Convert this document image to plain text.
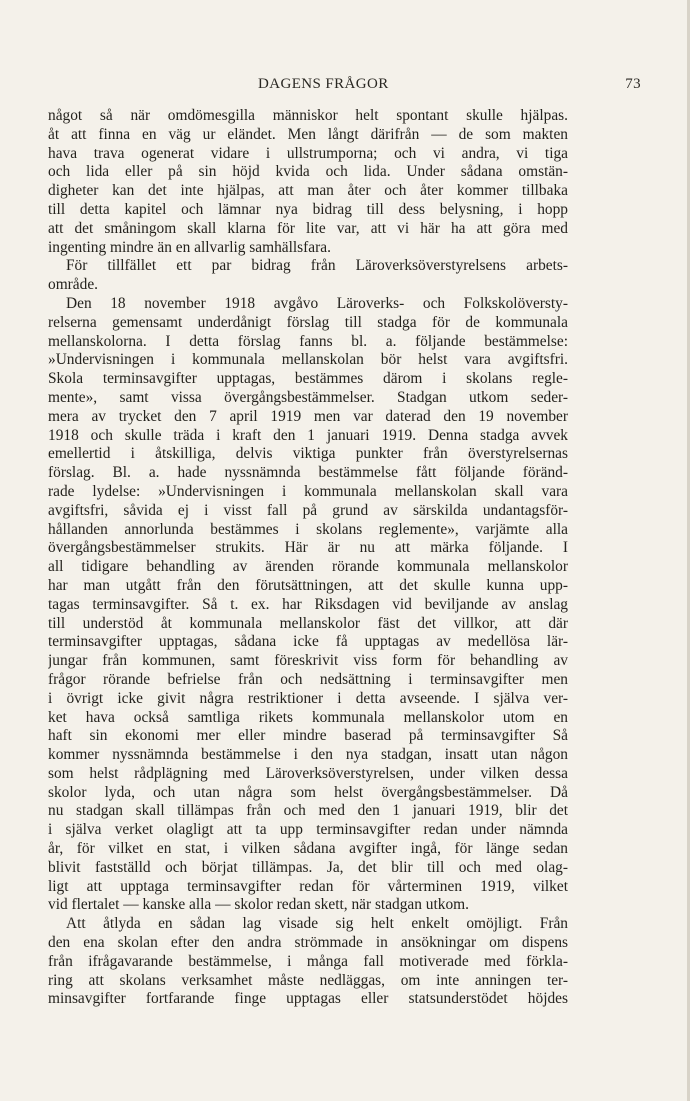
DAGENS FRÅGOR	73
något så när omdömesgilla människor helt spontant skulle hjälpas.
åt att finna en väg ur eländet. Men långt därifrån — de som makten
hava trava ogenerat vidare i ullstrumporna; och vi andra, vi tiga
och lida eller på sin höjd kvida och lida. Under sådana omstän-
digheter kan det inte hjälpas, att man åter och åter kommer tillbaka
till detta kapitel och lämnar nya bidrag till dess belysning, i hopp
att det småningom skall klarna för lite var, att vi här ha att göra med
ingenting mindre än en allvarlig samhällsfara.
För tillfället ett par bidrag från Läroverksöverstyrelsens arbets-
område.
Den 18 november 1918 avgåvo Läroverks- och Folkskolöversty-
relserna gemensamt underdånigt förslag till stadga för de kommunala
mellanskolorna. I detta förslag fanns bl. a. följande bestämmelse:
»Undervisningen i kommunala mellanskolan bör helst vara avgiftsfri.
Skola terminsavgifter upptagas, bestämmes därom i skolans regle-
mente», samt vissa övergångsbestämmelser. Stadgan utkom seder-
mera av trycket den 7 april 1919 men var daterad den 19 november
1918 och skulle träda i kraft den 1 januari 1919. Denna stadga avvek
emellertid i åtskilliga, delvis viktiga punkter från överstyrelsernas
förslag. Bl. a. hade nyssnämnda bestämmelse fått följande föränd-
rade lydelse: »Undervisningen i kommunala mellanskolan skall vara
avgiftsfri, såvida ej i visst fall på grund av särskilda undantagsför-
hållanden annorlunda bestämmes i skolans reglemente», varjämte alla
övergångsbestämmelser strukits. Här är nu att märka följande. I
all tidigare behandling av ärenden rörande kommunala mellanskolor
har man utgått från den förutsättningen, att det skulle kunna upp-
tagas terminsavgifter. Så t. ex. har Riksdagen vid beviljande av anslag
till understöd åt kommunala mellanskolor fäst det villkor, att där
terminsavgifter upptagas, sådana icke få upptagas av medellösa lär-
jungar från kommunen, samt föreskrivit viss form för behandling av
frågor rörande befrielse från och nedsättning i terminsavgifter men
i övrigt icke givit några restriktioner i detta avseende. I själva ver-
ket hava också samtliga rikets kommunala mellanskolor utom en
haft sin ekonomi mer eller mindre baserad på terminsavgifter Så
kommer nyssnämnda bestämmelse i den nya stadgan, insatt utan någon
som helst rådplägning med Läroverksöverstyrelsen, under vilken dessa
skolor lyda, och utan några som helst övergångsbestämmelser. Då
nu stadgan skall tillämpas från och med den 1 januari 1919, blir det
i själva verket olagligt att ta upp terminsavgifter redan under nämnda
år, för vilket en stat, i vilken sådana avgifter ingå, för länge sedan
blivit fastställd och börjat tillämpas. Ja, det blir till och med olag-
ligt att upptaga terminsavgifter redan för vårterminen 1919, vilket
vid flertalet — kanske alla — skolor redan skett, när stadgan utkom.
Att åtlyda en sådan lag visade sig helt enkelt omöjligt. Från
den ena skolan efter den andra strömmade in ansökningar om dispens
från ifrågavarande bestämmelse, i många fall motiverade med förkla-
ring att skolans verksamhet måste nedläggas, om inte anningen ter-
minsavgifter fortfarande finge upptagas eller statsunderstödet höjdes
